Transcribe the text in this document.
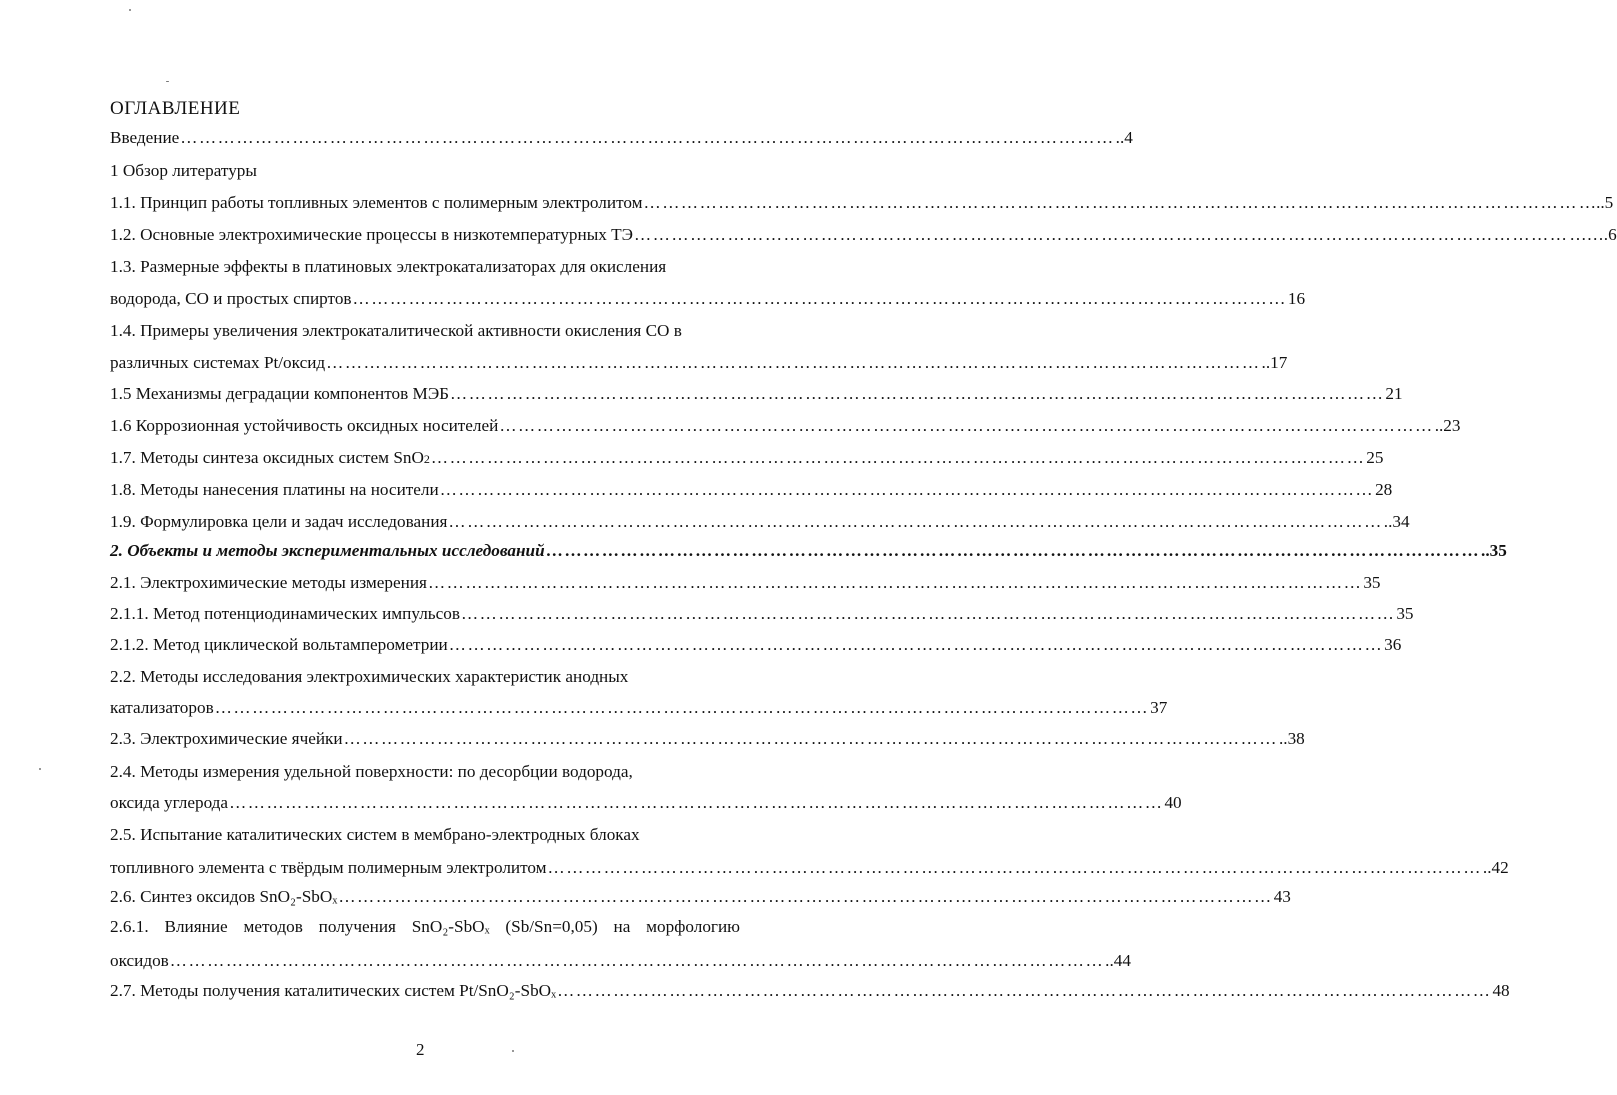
ОГЛАВЛЕНИЕ
Введение …………………………………………………………………………………………………………………………………… ..4
1 Обзор литературы
1.1. Принцип работы топливных элементов с полимерным электролитом …………………………………………………………………………………………………………………………………… …..5
1.2. Основные электрохимические процессы в низкотемпературных ТЭ …………………………………………………………………………………………………………………………………… …….6
1.3. Размерные эффекты в платиновых электрокатализаторах для окисления
водорода, СО и простых спиртов …………………………………………………………………………………………………………………………………… 16
1.4. Примеры увеличения электрокаталитической активности окисления СО в
различных системах Pt/оксид …………………………………………………………………………………………………………………………………… ..17
1.5 Механизмы деградации компонентов МЭБ …………………………………………………………………………………………………………………………………… 21
1.6 Коррозионная устойчивость оксидных носителей …………………………………………………………………………………………………………………………………… ..23
1.7. Методы синтеза оксидных систем SnO 2 …………………………………………………………………………………………………………………………………… 25
1.8. Методы нанесения платины на носители …………………………………………………………………………………………………………………………………… 28
1.9. Формулировка цели и задач исследования …………………………………………………………………………………………………………………………………… ..34
2. Объекты и методы экспериментальных исследований …………………………………………………………………………………………………………………………………… ..35
2.1. Электрохимические методы измерения …………………………………………………………………………………………………………………………………… 35
2.1.1. Метод потенциодинамических импульсов …………………………………………………………………………………………………………………………………… 35
2.1.2. Метод циклической вольтамперометрии …………………………………………………………………………………………………………………………………… 36
2.2. Методы исследования электрохимических характеристик анодных
катализаторов …………………………………………………………………………………………………………………………………… 37
2.3. Электрохимические ячейки …………………………………………………………………………………………………………………………………… ..38
2.4. Методы измерения удельной поверхности: по десорбции водорода,
оксида углерода …………………………………………………………………………………………………………………………………… 40
2.5. Испытание каталитических систем в мембрано-электродных блоках
топливного элемента с твёрдым полимерным электролитом …………………………………………………………………………………………………………………………………… ..42
2.6. Синтез оксидов SnO₂-SbOₓ …………………………………………………………………………………………………………………………………… 43
2.6.1. Влияние методов получения SnO₂-SbOₓ (Sb/Sn=0,05) на морфологию
оксидов …………………………………………………………………………………………………………………………………… ..44
2.7. Методы получения каталитических систем Pt/SnO₂-SbOₓ …………………………………………………………………………………………………………………………………… 48
2
